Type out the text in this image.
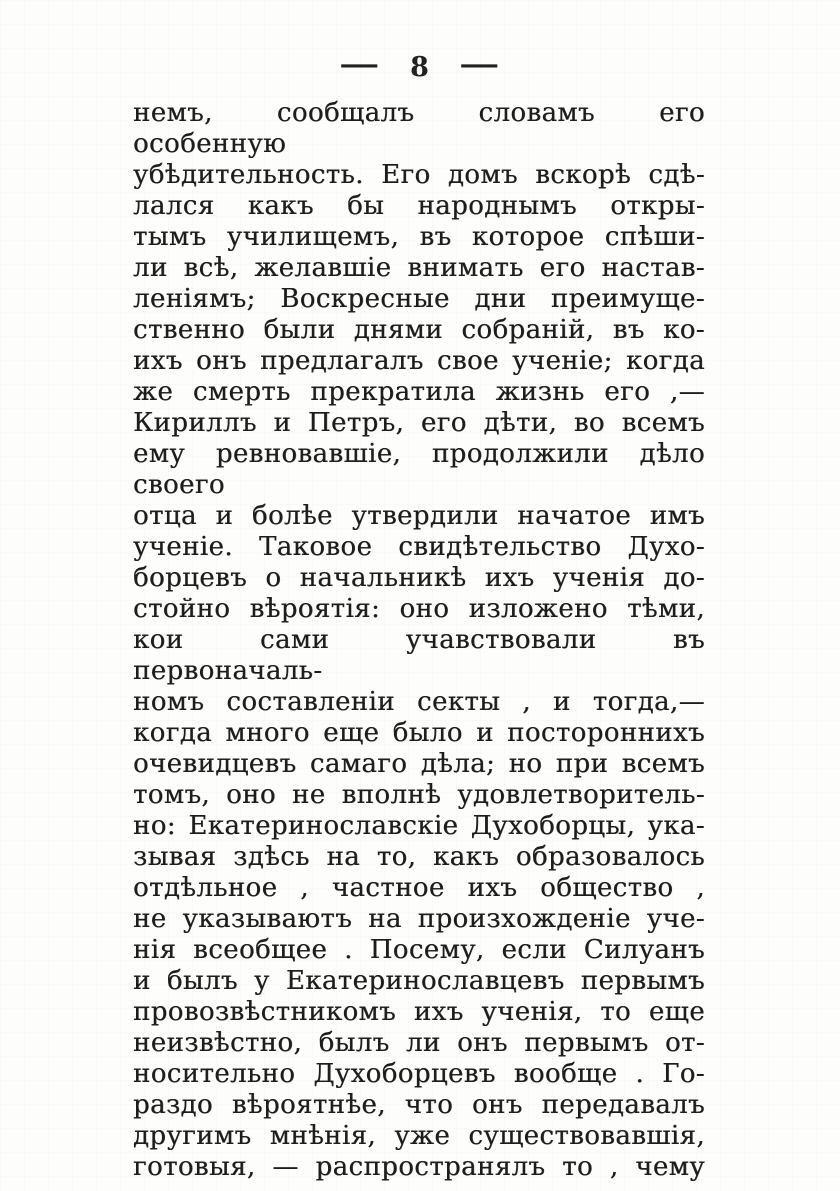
— 8 —
немъ, сообщалъ словамъ его особенную
убѣдительность. Его домъ вскорѣ сдѣ-
лался какъ бы народнымъ откры-
тымъ училищемъ, въ которое спѣши-
ли всѣ, желавшіе внимать его настав-
леніямъ; Воскресные дни преимуще-
ственно были днями собраній, въ ко-
ихъ онъ предлагалъ свое ученіе; когда
же смерть прекратила жизнь его ,—
Кириллъ и Петръ, его дѣти, во всемъ
ему ревновавшіе, продолжили дѣло своего
отца и болѣе утвердили начатое имъ
ученіе. Таковое свидѣтельство Духо-
борцевъ о начальникѣ ихъ ученія до-
стойно вѣроятія: оно изложено тѣми,
кои сами учавствовали въ первоначаль-
номъ составленіи секты , и тогда,—
когда много еще было и постороннихъ
очевидцевъ самаго дѣла; но при всемъ
томъ, оно не вполнѣ удовлетворитель-
но: Екатеринославскіе Духоборцы, ука-
зывая здѣсь на то, какъ образовалось
отдѣльное , частное ихъ общество ,
не указываютъ на произхожденіе уче-
нія всеобщее . Посему, если Силуанъ
и былъ у Екатеринославцевъ первымъ
провозвѣстникомъ ихъ ученія, то еще
неизвѣстно, былъ ли онъ первымъ от-
носительно Духоборцевъ вообще . Го-
раздо вѣроятнѣе, что онъ передавалъ
другимъ мнѣнія, уже существовавшія,
готовыя, — распространялъ то , чему
